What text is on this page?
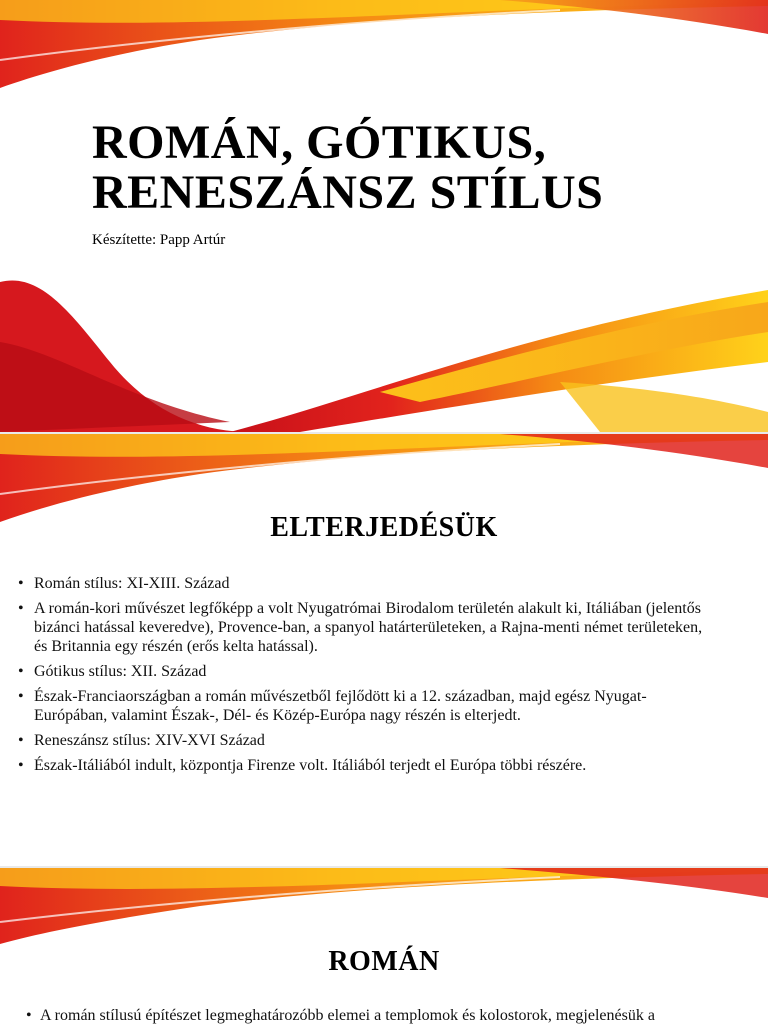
ROMÁN, GÓTIKUS,
RENESZÁNSZ STÍLUS
Készítette: Papp Artúr
ELTERJEDÉSÜK
• Román stílus: XI-XIII. Század
• A román-kori művészet legfőképp a volt Nyugatrómai Birodalom területén alakult ki, Itáliában (jelentős bizánci hatással keveredve), Provence-ban, a spanyol határterületeken, a Rajna-menti német területeken, és Britannia egy részén (erős kelta hatással).
• Gótikus stílus: XII. Század
• Észak-Franciaországban a román művészetből fejlődött ki a 12. században, majd egész Nyugat-Európában, valamint Észak-, Dél- és Közép-Európa nagy részén is elterjedt.
• Reneszánsz stílus: XIV-XVI Század
• Észak-Itáliából indult, központja Firenze volt. Itáliából terjedt el Európa többi részére.
ROMÁN
• A román stílusú építészet legmeghatározóbb elemei a templomok és kolostorok, megjelenésük a
